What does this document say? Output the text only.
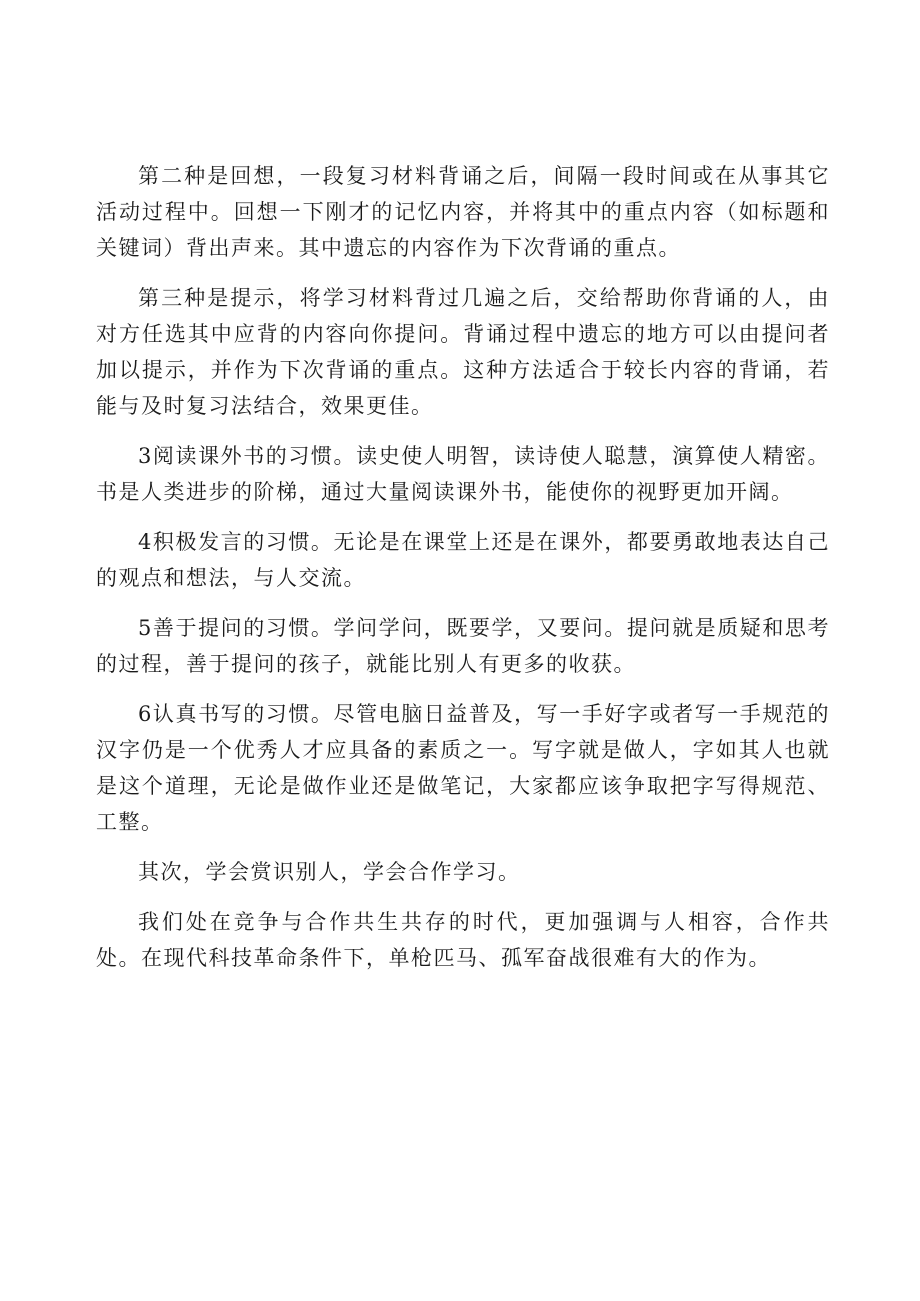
第二种是回想，一段复习材料背诵之后，间隔一段时间或在从事其它活动过程中。回想一下刚才的记忆内容，并将其中的重点内容（如标题和关键词）背出声来。其中遗忘的内容作为下次背诵的重点。

第三种是提示，将学习材料背过几遍之后，交给帮助你背诵的人，由对方任选其中应背的内容向你提问。背诵过程中遗忘的地方可以由提问者加以提示，并作为下次背诵的重点。这种方法适合于较长内容的背诵，若能与及时复习法结合，效果更佳。

3阅读课外书的习惯。读史使人明智，读诗使人聪慧，演算使人精密。书是人类进步的阶梯，通过大量阅读课外书，能使你的视野更加开阔。

4积极发言的习惯。无论是在课堂上还是在课外，都要勇敢地表达自己的观点和想法，与人交流。

5善于提问的习惯。学问学问，既要学，又要问。提问就是质疑和思考的过程，善于提问的孩子，就能比别人有更多的收获。

6认真书写的习惯。尽管电脑日益普及，写一手好字或者写一手规范的汉字仍是一个优秀人才应具备的素质之一。写字就是做人，字如其人也就是这个道理，无论是做作业还是做笔记，大家都应该争取把字写得规范、工整。

其次，学会赏识别人，学会合作学习。

我们处在竞争与合作共生共存的时代，更加强调与人相容，合作共处。在现代科技革命条件下，单枪匹马、孤军奋战很难有大的作为。
